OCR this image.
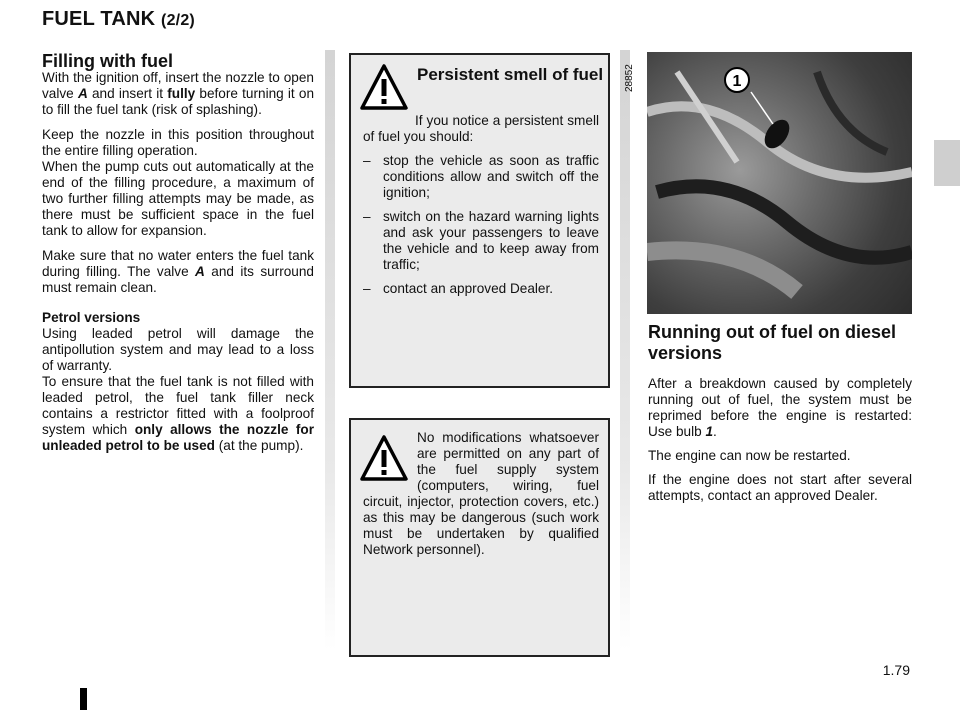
FUEL TANK (2/2)
Filling with fuel

With the ignition off, insert the nozzle to open valve A and insert it fully before turning it on to fill the fuel tank (risk of splashing).

Keep the nozzle in this position throughout the entire filling operation.

When the pump cuts out automatically at the end of the filling procedure, a maximum of two further filling attempts may be made, as there must be sufficient space in the fuel tank to allow for expansion.

Make sure that no water enters the fuel tank during filling. The valve A and its surround must remain clean.

Petrol versions

Using leaded petrol will damage the antipollution system and may lead to a loss of warranty.

To ensure that the fuel tank is not filled with leaded petrol, the fuel tank filler neck contains a restrictor fitted with a foolproof system which only allows the nozzle for unleaded petrol to be used (at the pump).

Persistent smell of fuel
If you notice a persistent smell of fuel you should:
– stop the vehicle as soon as traffic conditions allow and switch off the ignition;
– switch on the hazard warning lights and ask your passengers to leave the vehicle and to keep away from traffic;
– contact an approved Dealer.
No modifications whatsoever are permitted on any part of the fuel supply system (computers, wiring, fuel circuit, injector, protection covers, etc.) as this may be dangerous (such work must be undertaken by qualified Network personnel).
28852	1
Running out of fuel on diesel versions

After a breakdown caused by completely running out of fuel, the system must be reprimed before the engine is restarted: Use bulb 1.

The engine can now be restarted.

If the engine does not start after several attempts, contact an approved Dealer.

1.79
